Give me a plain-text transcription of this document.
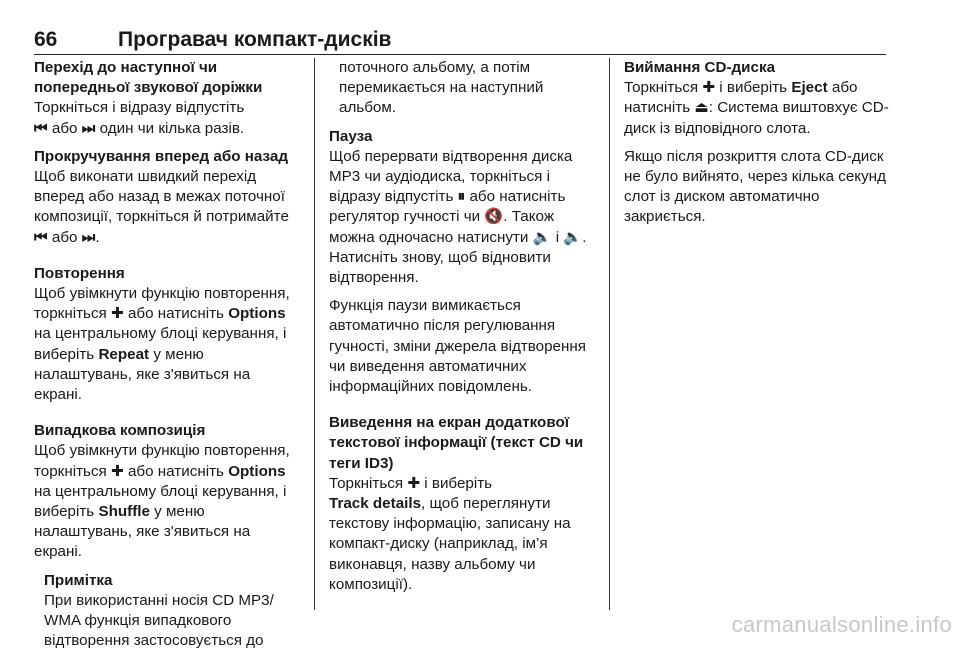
66	Програвач компакт-дисків
Перехід до наступної чи попередньої звукової доріжки

Торкніться і відразу відпустіть
⏮ або ⏭ один чи кілька разів.

Прокручування вперед або назад

Щоб виконати швидкий перехід вперед або назад в межах поточної композиції, торкніться й потримайте ⏮ або ⏭.

Повторення

Щоб увімкнути функцію повторення, торкніться ✚ або натисніть Options на центральному блоці керування, і виберіть Repeat у меню налаштувань, яке з'явиться на екрані.

Випадкова композиція

Щоб увімкнути функцію повторення, торкніться ✚ або натисніть Options на центральному блоці керування, і виберіть Shuffle у меню налаштувань, яке з'явиться на екрані.

Примітка

При використанні носія CD MP3/ WMA функція випадкового відтворення застосовується до

поточного альбому, а потім перемикається на наступний альбом.

Пауза

Щоб перервати відтворення диска MP3 чи аудіодиска, торкніться і відразу відпустіть ⏸ або натисніть регулятор гучності чи 🔇. Також можна одночасно натиснути 🔈 і 🔈. Натисніть знову, щоб відновити відтворення.

Функція паузи вимикається автоматично після регулювання гучності, зміни джерела відтворення чи виведення автоматичних інформаційних повідомлень.

Виведення на екран додаткової текстової інформації (текст CD чи теги ID3)

Торкніться ✚ і виберіть
Track details, щоб переглянути текстову інформацію, записану на компакт-диску (наприклад, ім’я виконавця, назву альбому чи композиції).

Виймання CD-диска

Торкніться ✚ і виберіть Eject або натисніть ⏏: Система виштовхує CD-диск із відповідного слота.

Якщо після розкриття слота CD-диск не було вийнято, через кілька секунд слот із диском автоматично закриється.

carmanualsonline.info
